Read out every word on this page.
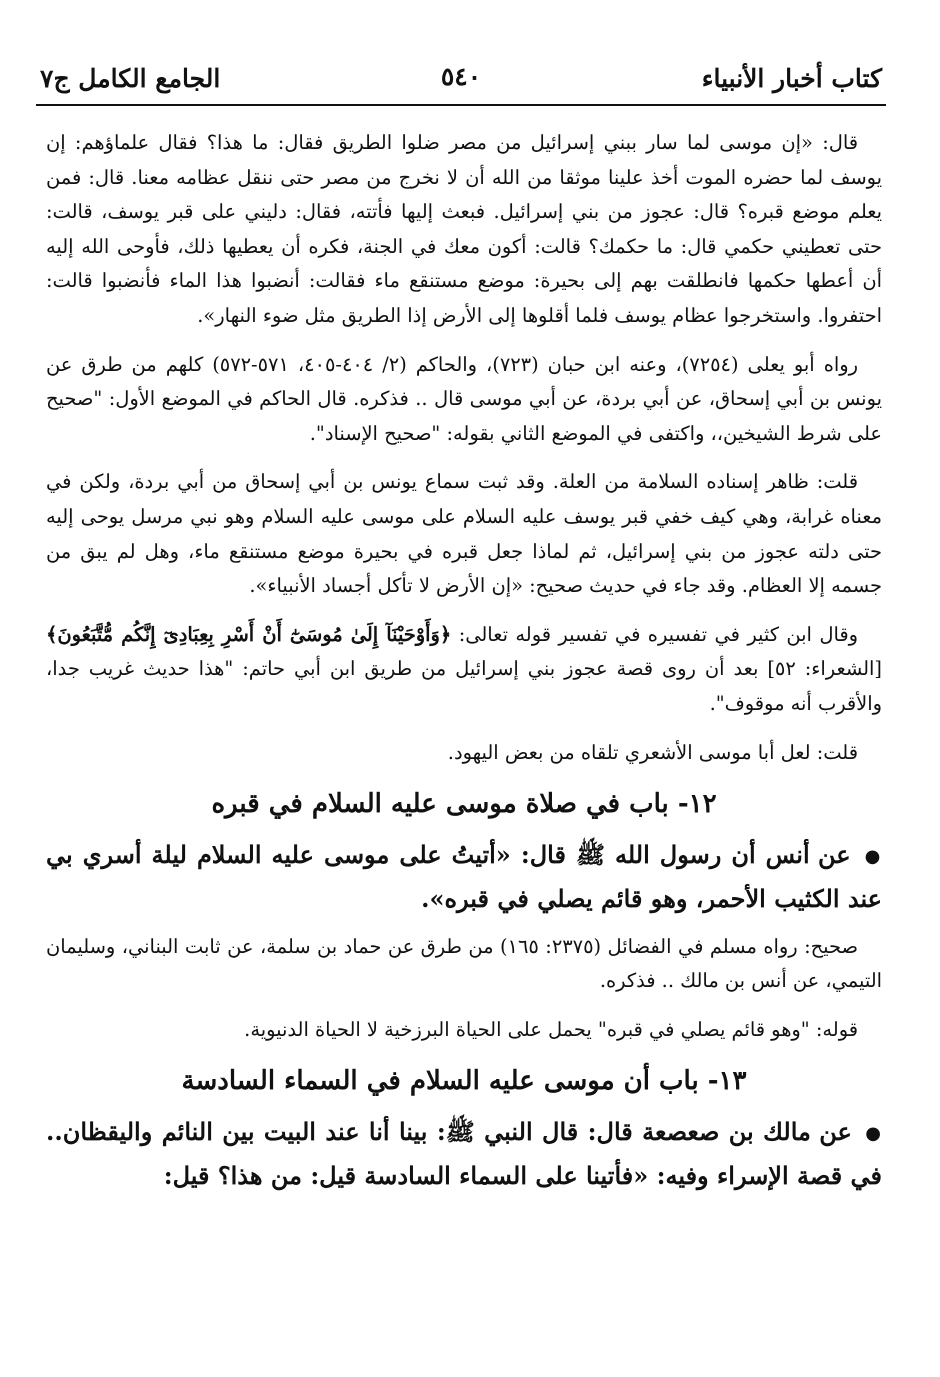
كتاب أخبار الأنبياء
٥٤٠
الجامع الكامل ج٧

قال: «إن موسى لما سار ببني إسرائيل من مصر ضلوا الطريق فقال: ما هذا؟ فقال علماؤهم: إن يوسف لما حضره الموت أخذ علينا موثقا من الله أن لا نخرج من مصر حتى ننقل عظامه معنا. قال: فمن يعلم موضع قبره؟ قال: عجوز من بني إسرائيل. فبعث إليها فأتته، فقال: دليني على قبر يوسف، قالت: حتى تعطيني حكمي قال: ما حكمك؟ قالت: أكون معك في الجنة، فكره أن يعطيها ذلك، فأوحى الله إليه أن أعطها حكمها فانطلقت بهم إلى بحيرة: موضع مستنقع ماء فقالت: أنضبوا هذا الماء فأنضبوا قالت: احتفروا. واستخرجوا عظام يوسف فلما أقلوها إلى الأرض إذا الطريق مثل ضوء النهار».

رواه أبو يعلى (٧٢٥٤)، وعنه ابن حبان (٧٢٣)، والحاكم (٢/ ٤٠٤-٤٠٥، ٥٧١-٥٧٢) كلهم من طرق عن يونس بن أبي إسحاق، عن أبي بردة، عن أبي موسى قال .. فذكره. قال الحاكم في الموضع الأول: "صحيح على شرط الشيخين،، واكتفى في الموضع الثاني بقوله: "صحيح الإسناد".

قلت: ظاهر إسناده السلامة من العلة. وقد ثبت سماع يونس بن أبي إسحاق من أبي بردة، ولكن في معناه غرابة، وهي كيف خفي قبر يوسف عليه السلام على موسى عليه السلام وهو نبي مرسل يوحى إليه حتى دلته عجوز من بني إسرائيل، ثم لماذا جعل قبره في بحيرة موضع مستنقع ماء، وهل لم يبق من جسمه إلا العظام. وقد جاء في حديث صحيح: «إن الأرض لا تأكل أجساد الأنبياء».

وقال ابن كثير في تفسيره في تفسير قوله تعالى: ﴿وَأَوْحَيْنَآ إِلَىٰ مُوسَىٰٓ أَنْ أَسْرِ بِعِبَادِىٓ إِنَّكُم مُّتَّبَعُونَ﴾ [الشعراء: ٥٢] بعد أن روى قصة عجوز بني إسرائيل من طريق ابن أبي حاتم: "هذا حديث غريب جدا، والأقرب أنه موقوف".

قلت: لعل أبا موسى الأشعري تلقاه من بعض اليهود.

١٢- باب في صلاة موسى عليه السلام في قبره

● عن أنس أن رسول الله ﷺ قال: «أتيتُ على موسى عليه السلام ليلة أسري بي عند الكثيب الأحمر، وهو قائم يصلي في قبره».

صحيح: رواه مسلم في الفضائل (٢٣٧٥: ١٦٥) من طرق عن حماد بن سلمة، عن ثابت البناني، وسليمان التيمي، عن أنس بن مالك .. فذكره.

قوله: "وهو قائم يصلي في قبره" يحمل على الحياة البرزخية لا الحياة الدنيوية.

١٣- باب أن موسى عليه السلام في السماء السادسة

● عن مالك بن صعصعة قال: قال النبي ﷺ: بينا أنا عند البيت بين النائم واليقظان.. في قصة الإسراء وفيه: «فأتينا على السماء السادسة قيل: من هذا؟ قيل:
